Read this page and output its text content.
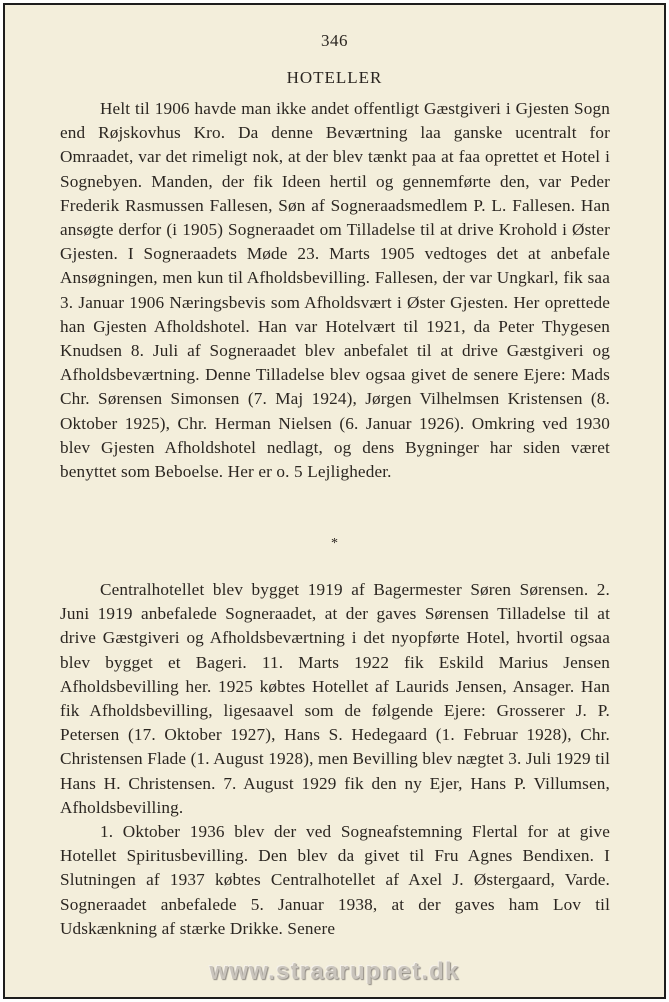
346
HOTELLER

Helt til 1906 havde man ikke andet offentligt Gæstgiveri i Gjesten Sogn end Røjskovhus Kro. Da denne Beværtning laa ganske ucentralt for Omraadet, var det rimeligt nok, at der blev tænkt paa at faa oprettet et Hotel i Sognebyen. Manden, der fik Ideen hertil og gennemførte den, var Peder Frederik Rasmussen Fallesen, Søn af Sogneraadsmedlem P. L. Fallesen. Han ansøgte derfor (i 1905) Sogneraadet om Tilladelse til at drive Krohold i Øster Gjesten. I Sogneraadets Møde 23. Marts 1905 vedtoges det at anbefale Ansøgningen, men kun til Afholdsbevilling. Fallesen, der var Ungkarl, fik saa 3. Januar 1906 Næringsbevis som Afholdsvært i Øster Gjesten. Her oprettede han Gjesten Afholdshotel. Han var Hotelvært til 1921, da Peter Thygesen Knudsen 8. Juli af Sogneraadet blev anbefalet til at drive Gæstgiveri og Afholdsbeværtning. Denne Tilladelse blev ogsaa givet de senere Ejere: Mads Chr. Sørensen Simonsen (7. Maj 1924), Jørgen Vilhelmsen Kristensen (8. Oktober 1925), Chr. Herman Nielsen (6. Januar 1926). Omkring ved 1930 blev Gjesten Afholdshotel nedlagt, og dens Bygninger har siden været benyttet som Beboelse. Her er o. 5 Lejligheder.

*

Centralhotellet blev bygget 1919 af Bagermester Søren Sørensen. 2. Juni 1919 anbefalede Sogneraadet, at der gaves Sørensen Tilladelse til at drive Gæstgiveri og Afholdsbeværtning i det nyopførte Hotel, hvortil ogsaa blev bygget et Bageri. 11. Marts 1922 fik Eskild Marius Jensen Afholdsbevilling her. 1925 købtes Hotellet af Laurids Jensen, Ansager. Han fik Afholdsbevilling, ligesaavel som de følgende Ejere: Grosserer J. P. Petersen (17. Oktober 1927), Hans S. Hedegaard (1. Februar 1928), Chr. Christensen Flade (1. August 1928), men Bevilling blev nægtet 3. Juli 1929 til Hans H. Christensen. 7. August 1929 fik den ny Ejer, Hans P. Villumsen, Afholdsbevilling.

1. Oktober 1936 blev der ved Sogneafstemning Flertal for at give Hotellet Spiritusbevilling. Den blev da givet til Fru Agnes Bendixen. I Slutningen af 1937 købtes Centralhotellet af Axel J. Østergaard, Varde. Sogneraadet anbefalede 5. Januar 1938, at der gaves ham Lov til Udskænkning af stærke Drikke. Senere

www.straarupnet.dk
